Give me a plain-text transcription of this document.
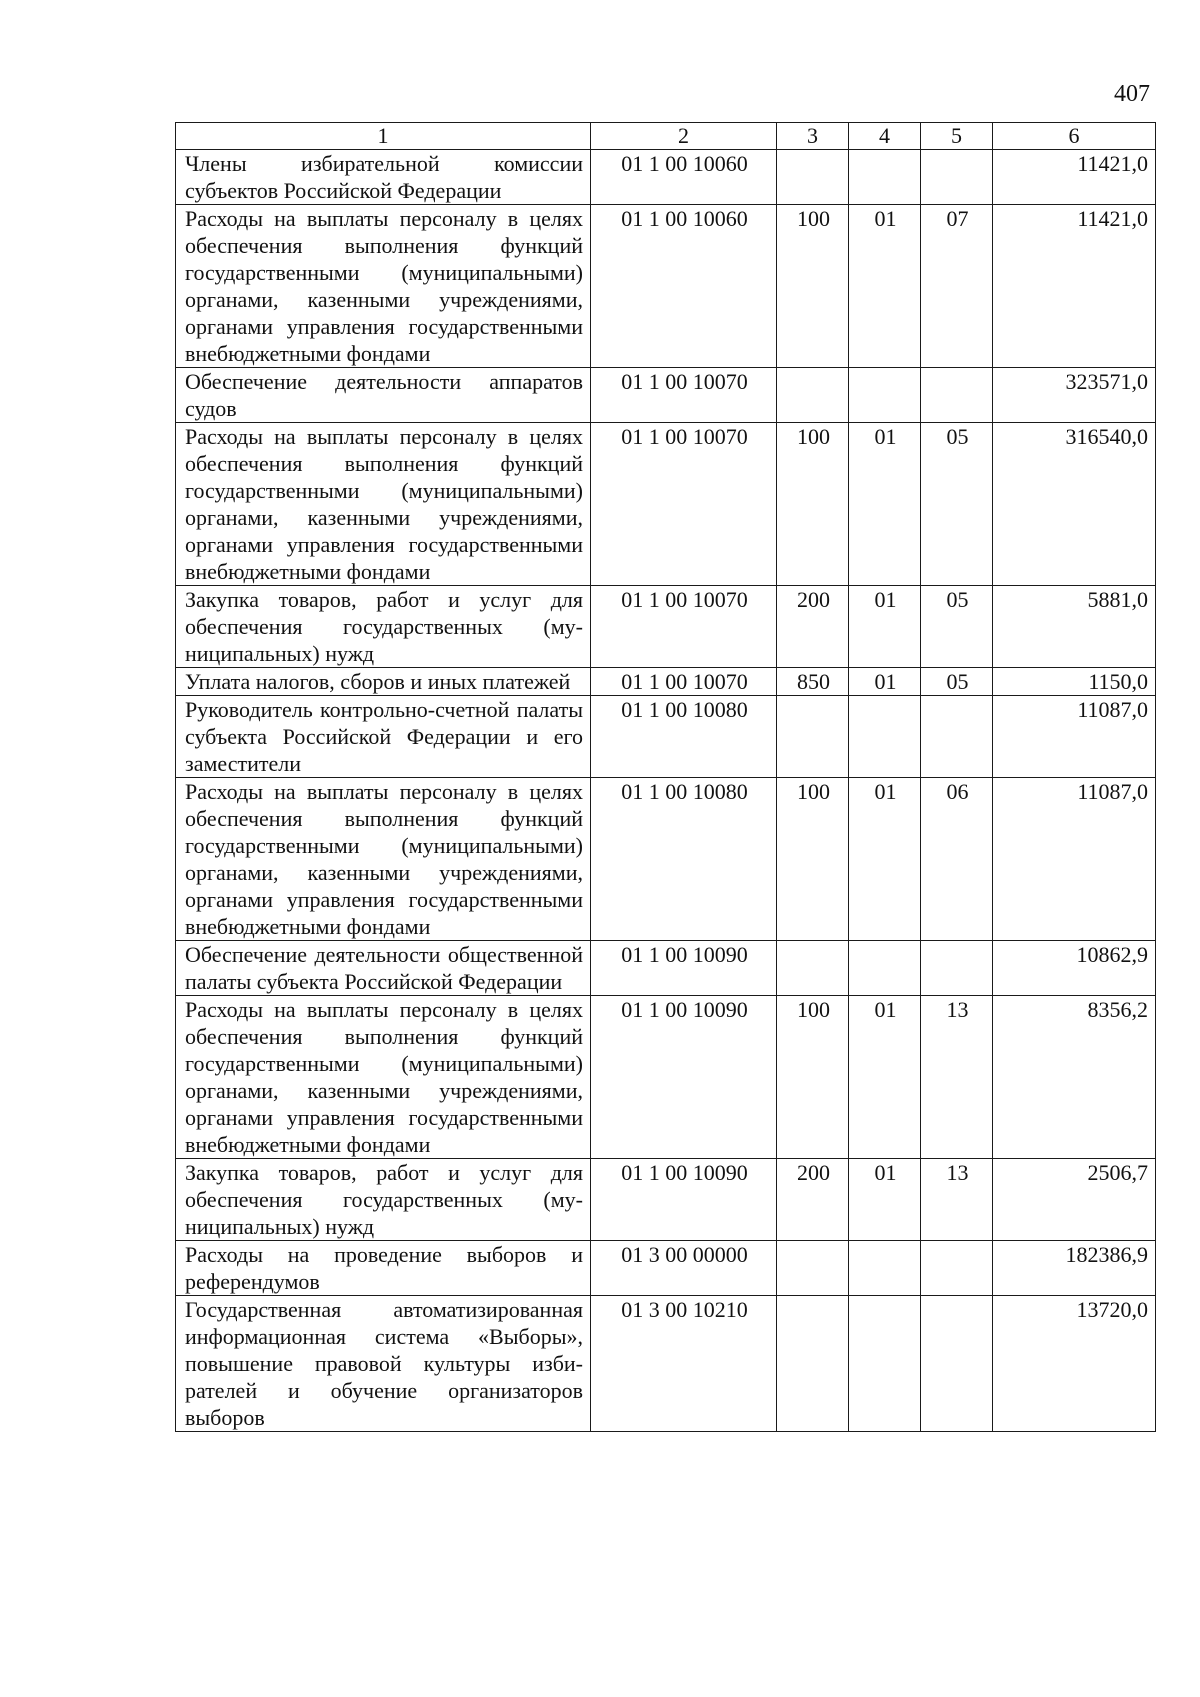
407
1	2	3	4	5	6
Члены избирательной комиссии субъектов Российской Федерации	01 1 00 10060				11421,0
Расходы на выплаты персоналу в целях обеспечения выполнения функций государственными (муниципальными) органами, казенными учреждениями, органами управления государственными внебюджетными фондами	01 1 00 10060	100	01	07	11421,0
Обеспечение деятельности аппаратов судов	01 1 00 10070				323571,0
Расходы на выплаты персоналу в целях обеспечения выполнения функций государственными (муниципальными) органами, казенными учреждениями, органами управления государственными внебюджетными фондами	01 1 00 10070	100	01	05	316540,0
Закупка товаров, работ и услуг для обеспечения государственных (муниципальных) нужд	01 1 00 10070	200	01	05	5881,0
Уплата налогов, сборов и иных платежей	01 1 00 10070	850	01	05	1150,0
Руководитель контрольно-счетной палаты субъекта Российской Федерации и его заместители	01 1 00 10080				11087,0
Расходы на выплаты персоналу в целях обеспечения выполнения функций государственными (муниципальными) органами, казенными учреждениями, органами управления государственными внебюджетными фондами	01 1 00 10080	100	01	06	11087,0
Обеспечение деятельности общественной палаты субъекта Российской Федерации	01 1 00 10090				10862,9
Расходы на выплаты персоналу в целях обеспечения выполнения функций государственными (муниципальными) органами, казенными учреждениями, органами управления государственными внебюджетными фондами	01 1 00 10090	100	01	13	8356,2
Закупка товаров, работ и услуг для обеспечения государственных (муниципальных) нужд	01 1 00 10090	200	01	13	2506,7
Расходы на проведение выборов и референдумов	01 3 00 00000				182386,9
Государственная автоматизированная информационная система «Выборы», повышение правовой культуры избирателей и обучение организаторов выборов	01 3 00 10210				13720,0
